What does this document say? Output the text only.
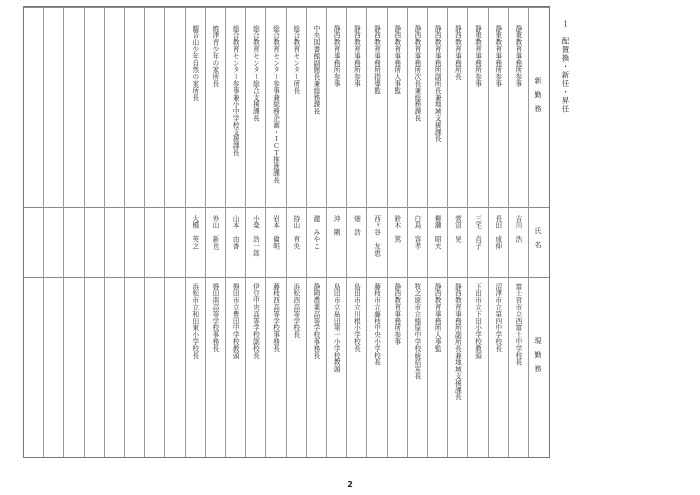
１　配置換・新任・昇任
新　勤　務
氏　名
現　勤　務
静東教育事務所参事
吉川　浩
富士宮市立西富士中学校長
静東教育事務所参事
長田　成伸
沼津市立第四中学校長
静東教育事務所参事
三宅　直子
下田市立下田小学校教頭
静西教育事務所長
菅沼　晃
静西教育事務所副所長兼地域支援課長
静西教育事務所副所長兼地域支援課長
柳瀬　昭夫
静西教育事務所人事監
静西教育事務所次長兼総務課長
白鳥　容孝
牧之原市立榛原中学校統括室長
静西教育事務所人事監
鈴木　篤
静西教育事務所参事
静西教育事務所指導監
西ヶ谷　友恵
藤枝市立藤枝中央小学校長
静西教育事務所参事
畑　浩
島田市立川根小学校長
静西教育事務所参事
沖　剛
島田市立島田第一小学校教頭
中央図書館副館長兼総務課長
瀧　みやこ
静岡農業高等学校事務長
総合教育センター所長
持山　育央
浜松西高等学校長
総合教育センター参事兼総務企画・ＩＣＴ推進課長
岩本　倫明
藤枝西高等学校事務長
総合教育センター総合支援課長
小楽　浩一郎
伊豆中央高等学校副校長
総合教育センター参事兼小中学校支援課長
山本　由香
磐田市立豊田中学校教頭
焼津青少年の家所長
外山　新也
磐田南高等学校事務長
観音山少年自然の家所長
大橋　英之
浜松市立和田東小学校長
2
